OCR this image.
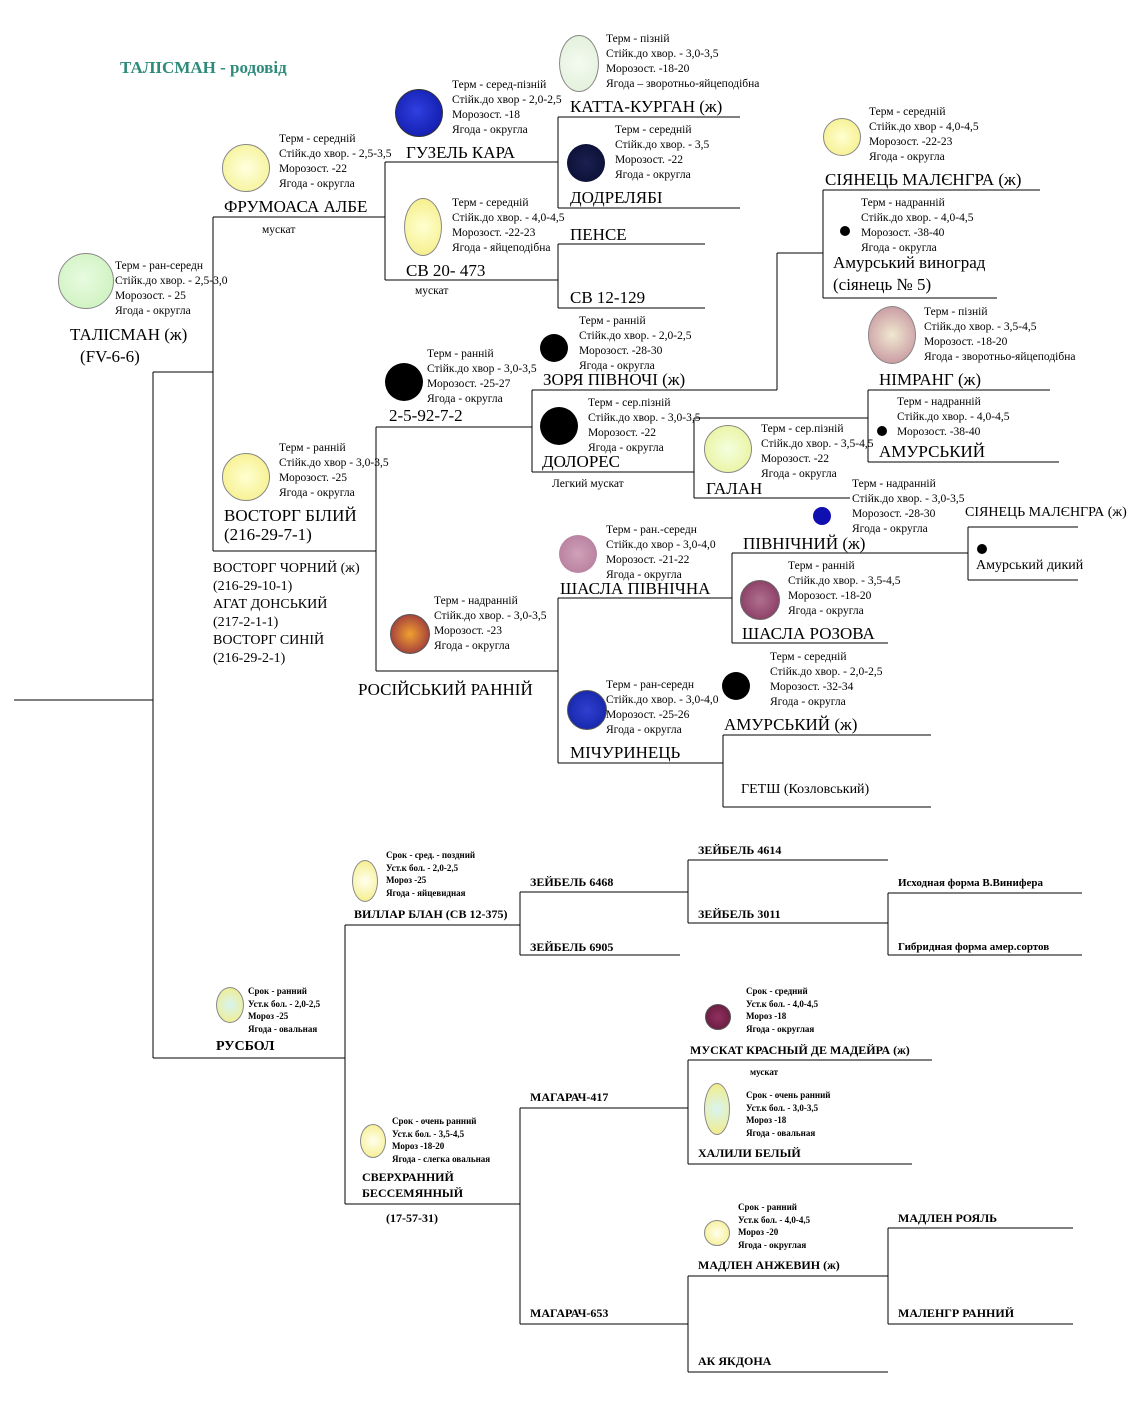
ТАЛІСМАН - родовід
Терм - ран-середн
Стійк.до хвор. - 2,5-3,0
Морозост. - 25
Ягода - округла
ТАЛІСМАН (ж)
(FV-6-6)
Терм - середній
Стійк.до хвор. - 2,5-3,5
Морозост. -22
Ягода - округла
ФРУМОАСА АЛБЕ
мускат
Терм - серед-пізній
Стійк.до хвор - 2,0-2,5
Морозост. -18
Ягода - округла
ГУЗЕЛЬ КАРА
Терм - пізній
Стійк.до хвор. - 3,0-3,5
Морозост. -18-20
Ягода – зворотньо-яйцеподібна
КАТТА-КУРГАН (ж)
Терм - середній
Стійк.до хвор. - 3,5
Морозост. -22
Ягода - округла
ДОДРЕЛЯБІ
Терм - середній
Стійк.до хвор. - 4,0-4,5
Морозост. -22-23
Ягода - яйцеподібна
СВ 20- 473
мускат
ПЕНСЕ
СВ 12-129
Терм - середній
Стійк.до хвор - 4,0-4,5
Морозост. -22-23
Ягода - округла
СІЯНЕЦЬ МАЛЄНГРА (ж)
Терм - надранній
Стійк.до хвор. - 4,0-4,5
Морозост. -38-40
Ягода - округла
Амурський виноград
(сіянець № 5)
Терм - ранній
Стійк.до хвор. - 2,0-2,5
Морозост. -28-30
Ягода - округла
ЗОРЯ ПІВНОЧІ (ж)
Терм - ранній
Стійк.до хвор - 3,0-3,5
Морозост. -25-27
Ягода - округла
2-5-92-7-2
Терм - сер.пізній
Стійк.до хвор. - 3,0-3,5
Морозост. -22
Ягода - округла
ДОЛОРЕС
Легкий мускат
Терм - пізній
Стійк.до хвор. - 3,5-4,5
Морозост. -18-20
Ягода - зворотньо-яйцеподібна
НІМРАНГ (ж)
Терм - надранній
Стійк.до хвор. - 4,0-4,5
Морозост. -38-40
АМУРСЬКИЙ
Терм - сер.пізній
Стійк.до хвор. - 3,5-4,5
Морозост. -22
Ягода - округла
ГАЛАН
Терм - ранній
Стійк.до хвор - 3,0-3,5
Морозост. -25
Ягода - округла
ВОСТОРГ БІЛИЙ
(216-29-7-1)
ВОСТОРГ ЧОРНИЙ (ж)
(216-29-10-1)
АГАТ ДОНСЬКИЙ
(217-2-1-1)
ВОСТОРГ СИНІЙ
(216-29-2-1)
Терм - надранній
Стійк.до хвор. - 3,0-3,5
Морозост. -28-30
Ягода - округла
ПІВНІЧНИЙ (ж)
СІЯНЕЦЬ МАЛЄНГРА (ж)
Амурський дикий
Терм - ран.-середн
Стійк.до хвор - 3,0-4,0
Морозост. -21-22
Ягода - округла
ШАСЛА ПІВНІЧНА
Терм - ранній
Стійк.до хвор. - 3,5-4,5
Морозост. -18-20
Ягода - округла
ШАСЛА РОЗОВА
Терм - надранній
Стійк.до хвор. - 3,0-3,5
Морозост. -23
Ягода - округла
РОСІЙСЬКИЙ РАННІЙ	Терм - ран-середн
Стійк.до хвор. - 3,0-4,0
Морозост. -25-26
Ягода - округла
МІЧУРИНЕЦЬ
Терм - середній
Стійк.до хвор. - 2,0-2,5
Морозост. -32-34
Ягода - округла
АМУРСЬКИЙ (ж)
ГЕТШ (Козловський)
Срок - ранний
Уст.к бол. - 2,0-2,5
Мороз -25
Ягода - овальная
РУСБОЛ
Срок - сред. - поздний
Уст.к бол. - 2,0-2,5
Мороз -25
Ягода - яйцевидная
ВИЛЛАР БЛАН (СВ 12-375)
ЗЕЙБЕЛЬ 6468
ЗЕЙБЕЛЬ 6905
ЗЕЙБЕЛЬ 4614
ЗЕЙБЕЛЬ 3011
Исходная форма В.Винифера
Гибридная форма амер.сортов
Срок - средний
Уст.к бол. - 4,0-4,5
Мороз -18
Ягода - округлая
МУСКАТ КРАСНЫЙ ДЕ МАДЕЙРА (ж)
мускат
Срок - очень ранний
Уст.к бол. - 3,5-4,5
Мороз -18-20
Ягода - слегка овальная
СВЕРХРАННИЙ
БЕССЕМЯННЫЙ
(17-57-31)
МАГАРАЧ-417	Срок - очень ранний
Уст.к бол. - 3,0-3,5
Мороз -18
Ягода - овальная
ХАЛИЛИ БЕЛЫЙ
Срок - ранний
Уст.к бол. - 4,0-4,5
Мороз -20
Ягода - округлая
МАДЛЕН АНЖЕВИН (ж)
МАДЛЕН РОЯЛЬ
МАЛЕНГР РАННИЙ
МАГАРАЧ-653
АК ЯКДОНА
